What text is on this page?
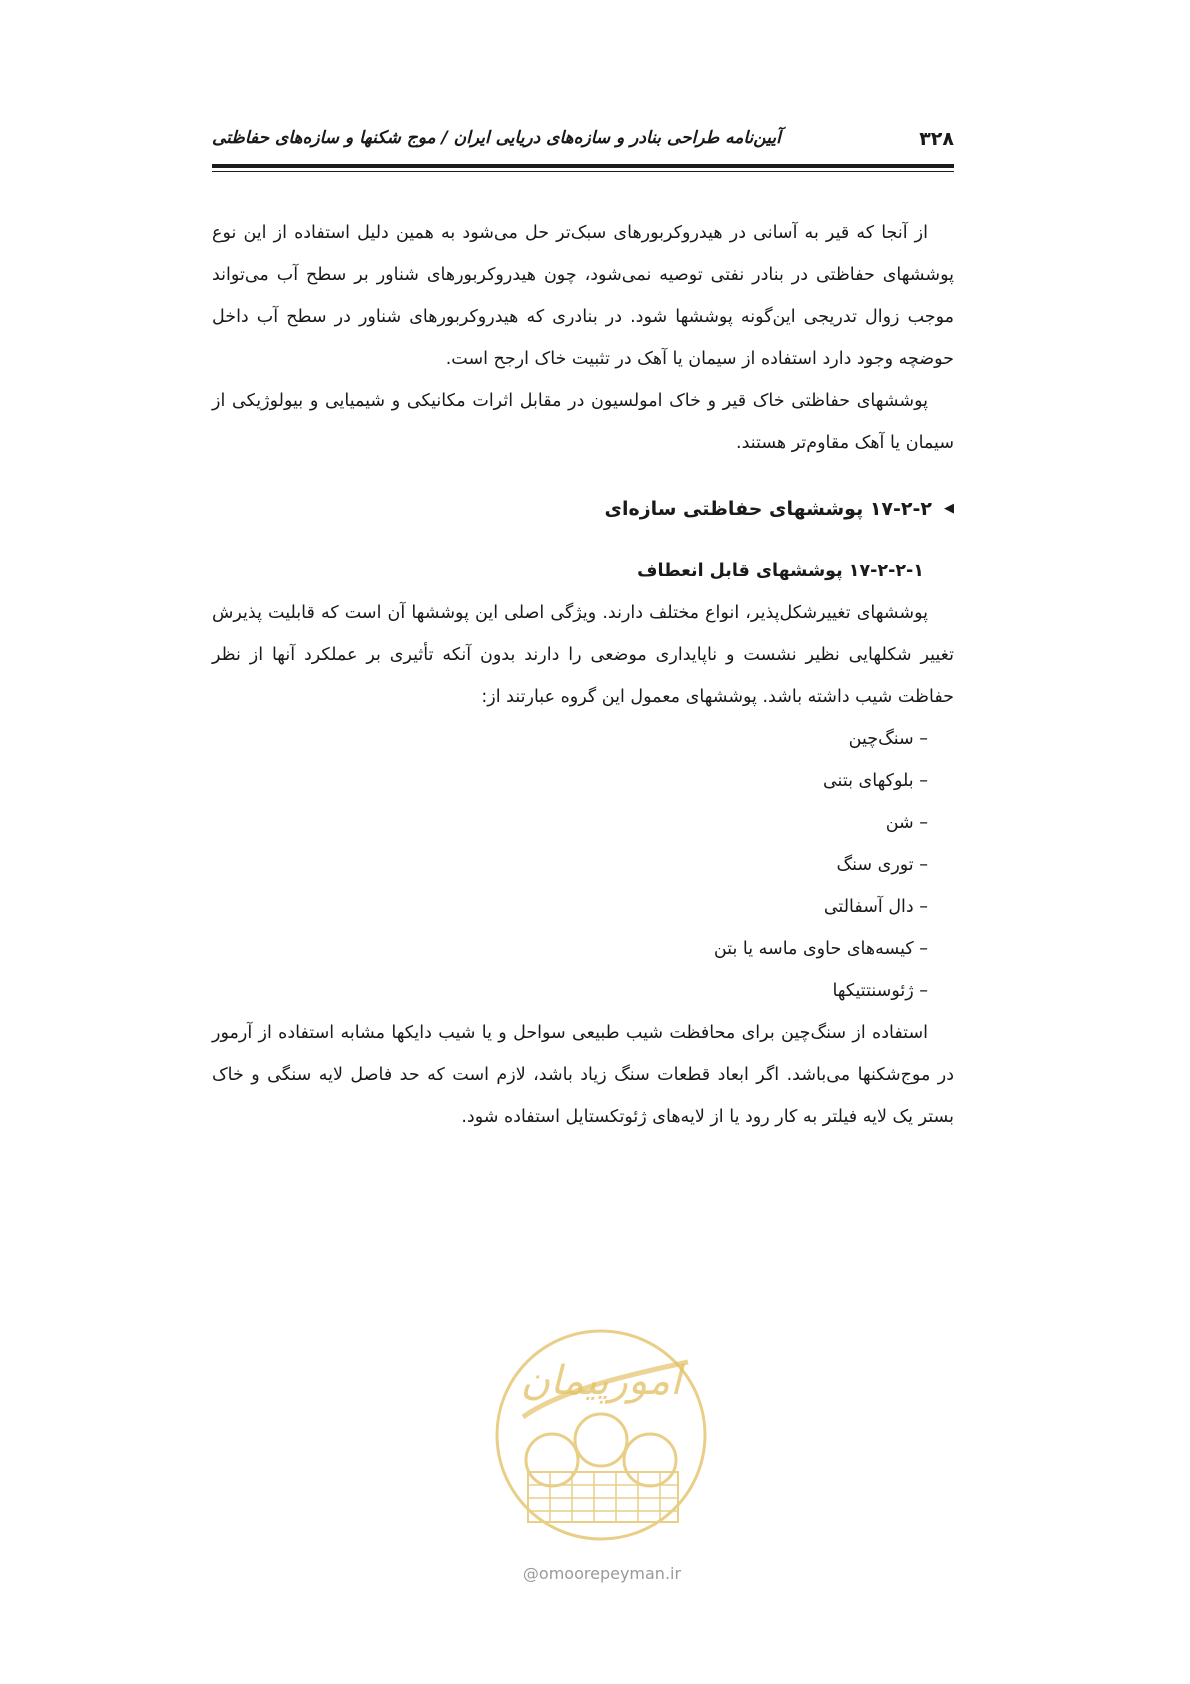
۳۲۸
آیین‌نامه طراحی بنادر و سازه‌های دریایی ایران / موج شکنها و سازه‌های حفاظتی

از آنجا که قیر به آسانی در هیدروکربورهای سبک‌تر حل می‌شود به همین دلیل استفاده از این نوع پوششهای حفاظتی در بنادر نفتی توصیه نمی‌شود، چون هیدروکربورهای شناور بر سطح آب می‌تواند موجب زوال تدریجی این‌گونه پوششها شود. در بنادری که هیدروکربورهای شناور در سطح آب داخل حوضچه وجود دارد استفاده از سیمان یا آهک در تثبیت خاک ارجح است.

پوششهای حفاظتی خاک قیر و خاک امولسیون در مقابل اثرات مکانیکی و شیمیایی و بیولوژیکی از سیمان یا آهک مقاوم‌تر هستند.

◀
۱۷-۲-۲ پوششهای حفاظتی سازه‌ای
۱۷-۲-۲-۱ پوششهای قابل انعطاف

پوششهای تغییرشکل‌پذیر، انواع مختلف دارند. ویژگی اصلی این پوششها آن است که قابلیت پذیرش تغییر شکلهایی نظیر نشست و ناپایداری موضعی را دارند بدون آنکه تأثیری بر عملکرد آنها از نظر حفاظت شیب داشته باشد. پوششهای معمول این گروه عبارتند از:

– سنگ‌چین
– بلوکهای بتنی
– شن
– توری سنگ
– دال آسفالتی
– کیسه‌های حاوی ماسه یا بتن
– ژئوسنتتیکها

استفاده از سنگ‌چین برای محافظت شیب طبیعی سواحل و یا شیب دایکها مشابه استفاده از آرمور در موج‌شکنها می‌باشد. اگر ابعاد قطعات سنگ زیاد باشد، لازم است که حد فاصل لایه سنگی و خاک بستر یک لایه فیلتر به کار رود یا از لایه‌های ژئوتکستایل استفاده شود.

امورپیمان
@omoorepeyman.ir
